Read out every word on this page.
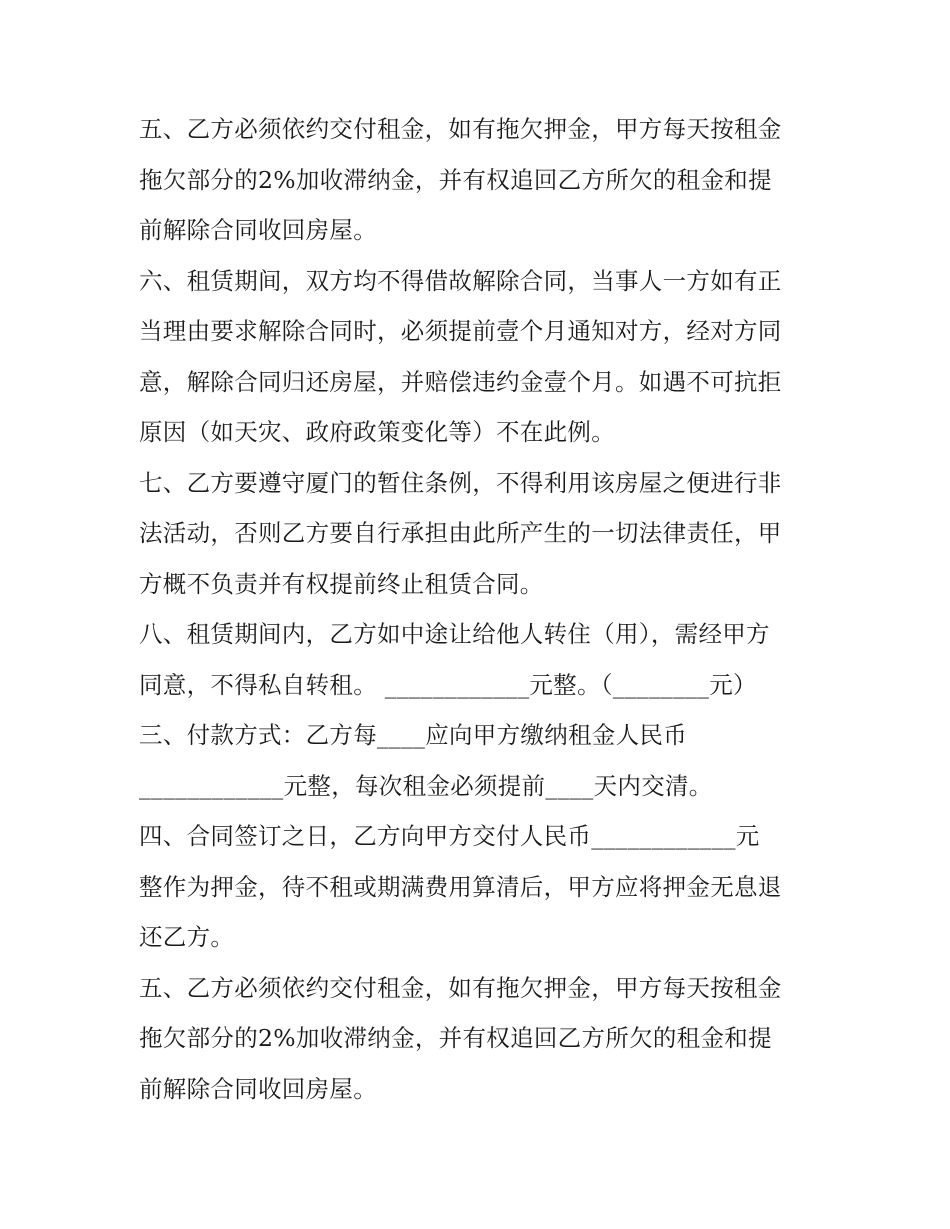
五、乙方必须依约交付租金，如有拖欠押金，甲方每天按租金
拖欠部分的2%加收滞纳金，并有权追回乙方所欠的租金和提
前解除合同收回房屋。
六、租赁期间，双方均不得借故解除合同，当事人一方如有正
当理由要求解除合同时，必须提前壹个月通知对方，经对方同
意，解除合同归还房屋，并赔偿违约金壹个月。如遇不可抗拒
原因（如天灾、政府政策变化等）不在此例。
七、乙方要遵守厦门的暂住条例，不得利用该房屋之便进行非
法活动，否则乙方要自行承担由此所产生的一切法律责任，甲
方概不负责并有权提前终止租赁合同。
八、租赁期间内，乙方如中途让给他人转住（用），需经甲方
同意，不得私自转租。 ____________元整。（________元）
三、付款方式：乙方每____应向甲方缴纳租金人民币
____________元整，每次租金必须提前____天内交清。
四、合同签订之日，乙方向甲方交付人民币____________元
整作为押金，待不租或期满费用算清后，甲方应将押金无息退
还乙方。
五、乙方必须依约交付租金，如有拖欠押金，甲方每天按租金
拖欠部分的2%加收滞纳金，并有权追回乙方所欠的租金和提
前解除合同收回房屋。
